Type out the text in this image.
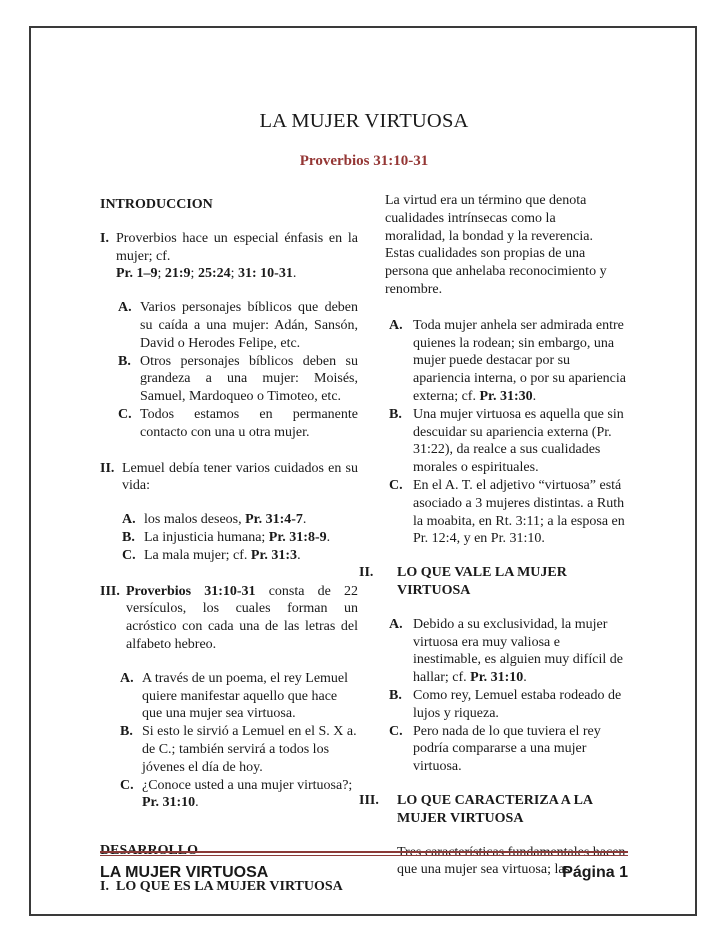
LA MUJER VIRTUOSA
Proverbios 31:10-31

INTRODUCCION

I. Proverbios hace un especial énfasis en la mujer; cf.
Pr. 1–9; 21:9; 25:24; 31: 10-31.
A. Varios personajes bíblicos que deben su caída a una mujer: Adán, Sansón, David o Herodes Felipe, etc.
B. Otros personajes bíblicos deben su grandeza a una mujer: Moisés, Samuel, Mardoqueo o Timoteo, etc.
C. Todos estamos en permanente contacto con una u otra mujer.
II. Lemuel debía tener varios cuidados en su vida:
A. los malos deseos, Pr. 31:4-7.
B. La injusticia humana; Pr. 31:8-9.
C. La mala mujer; cf. Pr. 31:3.
III. Proverbios 31:10-31 consta de 22 versículos, los cuales forman un acróstico con cada una de las letras del alfabeto hebreo.
A. A través de un poema, el rey Lemuel quiere manifestar aquello que hace que una mujer sea virtuosa.
B. Si esto le sirvió a Lemuel en el S. X a. de C.; también servirá a todos los jóvenes el día de hoy.
C. ¿Conoce usted a una mujer virtuosa?; Pr. 31:10.

I. LO QUE ES LA MUJER VIRTUOSA
La virtud era un término que denota cualidades intrínsecas como la moralidad, la bondad y la reverencia. Estas cualidades son propias de una persona que anhelaba reconocimiento y renombre.
A. Toda mujer anhela ser admirada entre quienes la rodean; sin embargo, una mujer puede destacar por su apariencia interna, o por su apariencia externa; cf. Pr. 31:30.
B. Una mujer virtuosa es aquella que sin descuidar su apariencia externa (Pr. 31:22), da realce a sus cualidades morales o espirituales.
C. En el A. T. el adjetivo “virtuosa” está asociado a 3 mujeres distintas. a Ruth la moabita, en Rt. 3:11; a la esposa en Pr. 12:4, y en Pr. 31:10.
II.	LO QUE VALE LA MUJER VIRTUOSA
A. Debido a su exclusividad, la mujer virtuosa era muy valiosa e inestimable, es alguien muy difícil de hallar; cf. Pr. 31:10.
B. Como rey, Lemuel estaba rodeado de lujos y riqueza.
C. Pero nada de lo que tuviera el rey podría compararse a una mujer virtuosa.
III.	LO QUE CARACTERIZA A LA MUJER VIRTUOSA
que una mujer sea virtuosa; las
LA MUJER VIRTUOSA	Página 1
